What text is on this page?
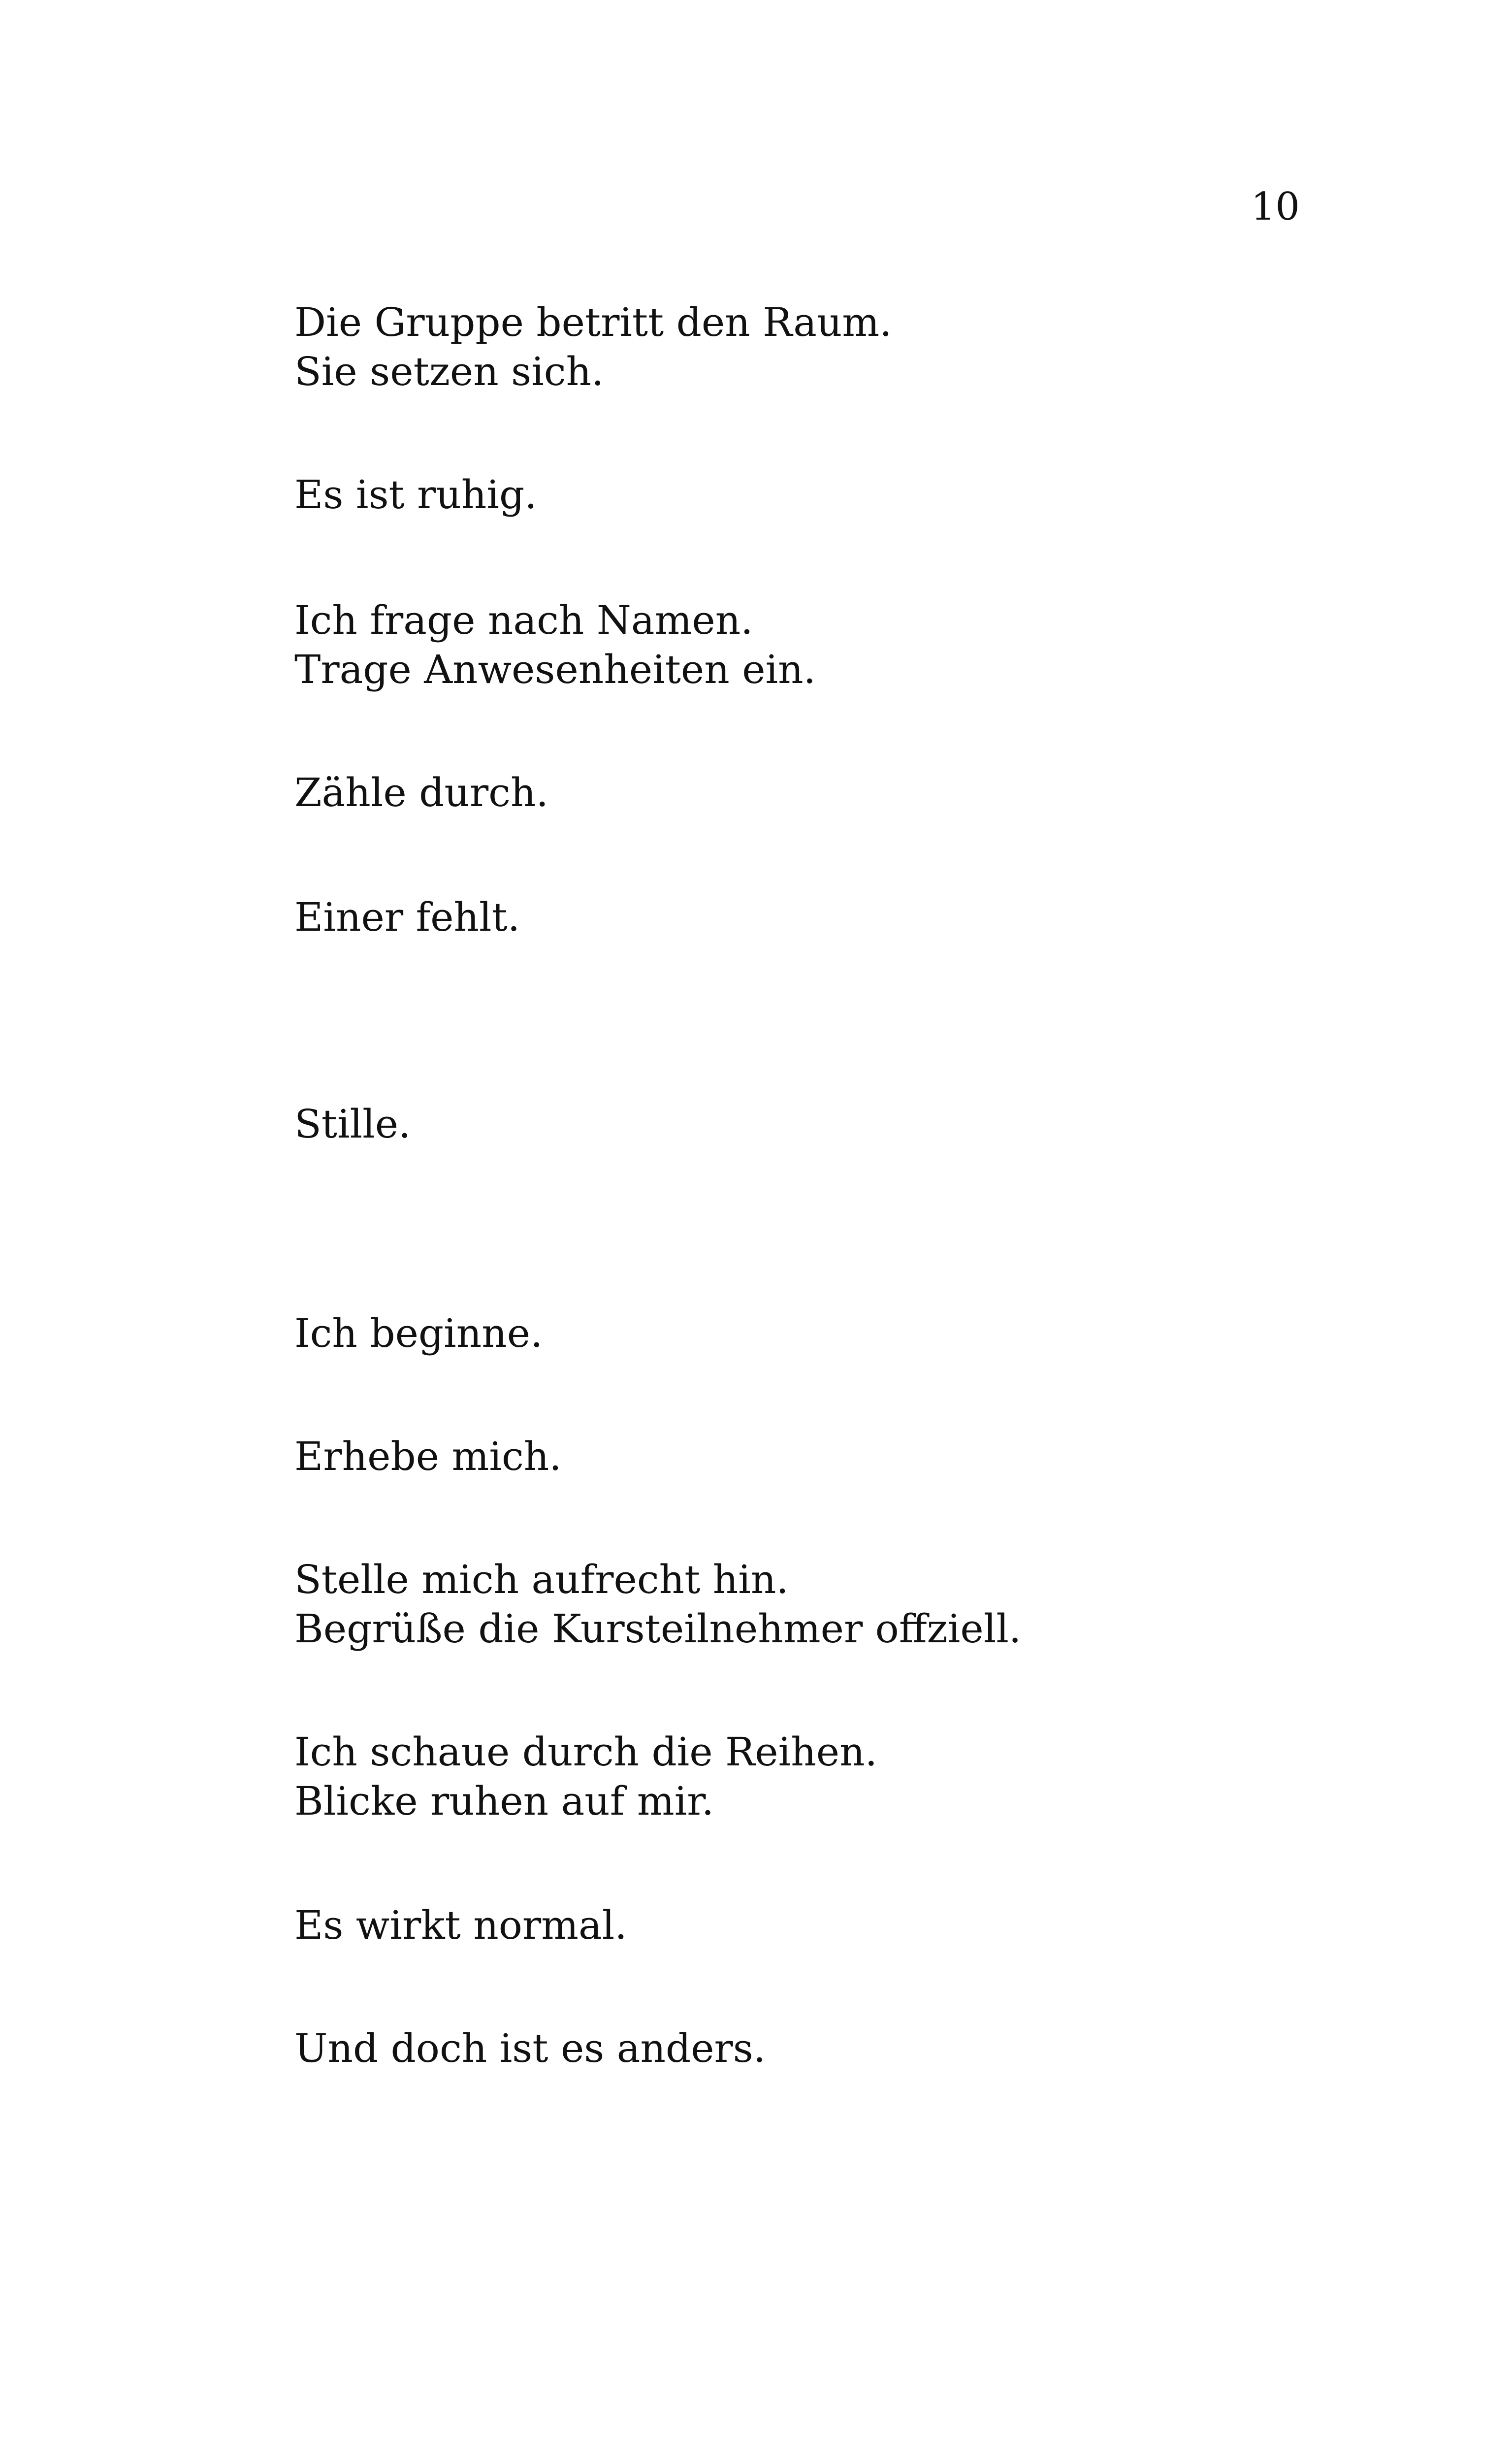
10
Die Gruppe betritt den Raum.
Sie setzen sich.
Es ist ruhig.
Ich frage nach Namen.
Trage Anwesenheiten ein.
Zähle durch.
Einer fehlt.
Stille.
Ich beginne.
Erhebe mich.
Stelle mich aufrecht hin.
Begrüße die Kursteilnehmer offziell.
Ich schaue durch die Reihen.
Blicke ruhen auf mir.
Es wirkt normal.
Und doch ist es anders.
